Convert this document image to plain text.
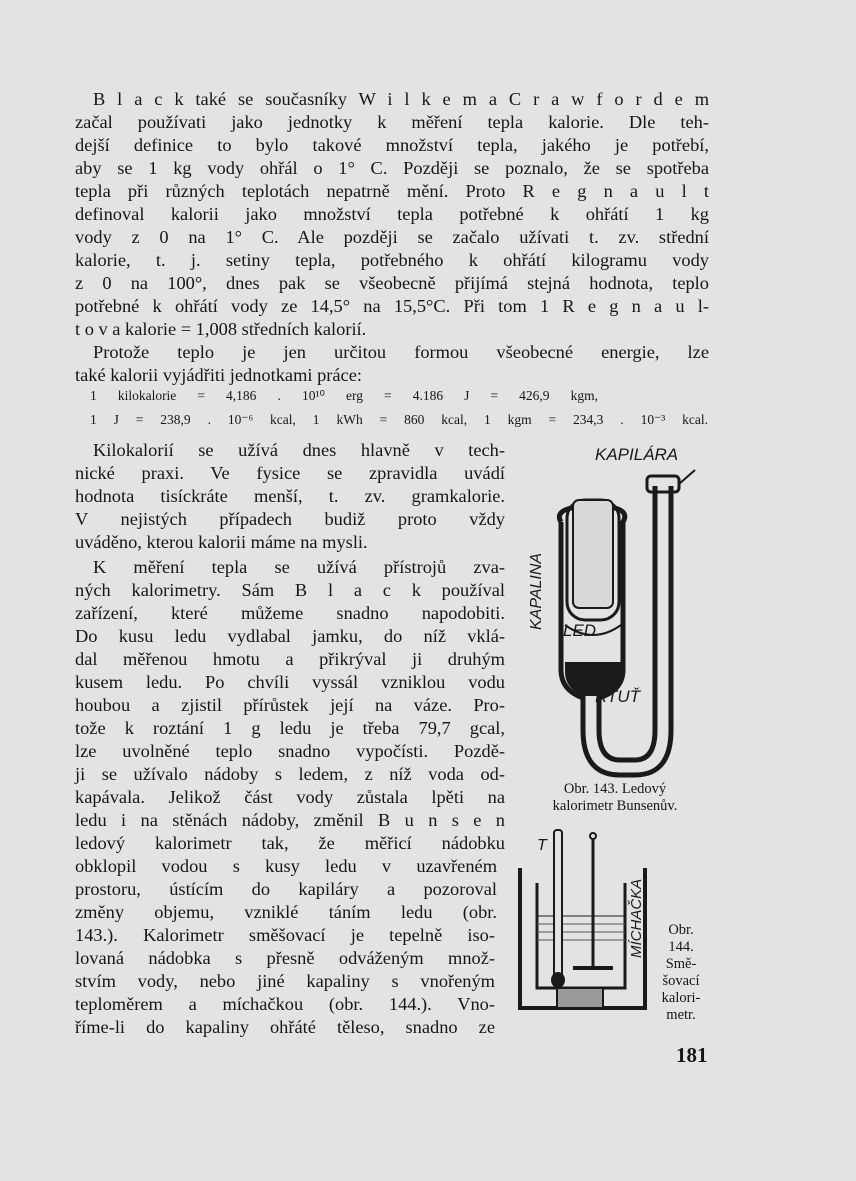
B l a c k také se současníky W i l k e m a C r a w f o r d e m
začal používati jako jednotky k měření tepla kalorie. Dle teh-
dejší definice to bylo takové množství tepla, jakého je potřebí,
aby se 1 kg vody ohřál o 1° C. Později se poznalo, že se spotřeba
tepla při různých teplotách nepatrně mění. Proto R e g n a u l t
definoval kalorii jako množství tepla potřebné k ohřátí 1 kg
vody z 0 na 1° C. Ale později se začalo užívati t. zv. střední
kalorie, t. j. setiny tepla, potřebného k ohřátí kilogramu vody
z 0 na 100°, dnes pak se všeobecně přijímá stejná hodnota, teplo
potřebné k ohřátí vody ze 14,5° na 15,5°C. Při tom 1 R e g n a u l-
t o v a kalorie = 1,008 středních kalorií.
Protože teplo je jen určitou formou všeobecné energie, lze
také kalorii vyjádřiti jednotkami práce:
1 kilokalorie = 4,186 . 10¹⁰ erg = 4.186 J = 426,9 kgm,
1 J = 238,9 . 10⁻⁶ kcal, 1 kWh = 860 kcal, 1 kgm = 234,3 . 10⁻³ kcal.
Kilokalorií se užívá dnes hlavně v tech-
nické praxi. Ve fysice se zpravidla uvádí
hodnota tisíckráte menší, t. zv. gramkalorie.
V nejistých případech budiž proto vždy
uváděno, kterou kalorii máme na mysli.
K měření tepla se užívá přístrojů zva-
ných kalorimetry. Sám B l a c k používal
zařízení, které můžeme snadno napodobiti.
Do kusu ledu vydlabal jamku, do níž vklá-
dal měřenou hmotu a přikrýval ji druhým
kusem ledu. Po chvíli vyssál vzniklou vodu
houbou a zjistil přírůstek její na váze. Pro-
tože k roztání 1 g ledu je třeba 79,7 gcal,
lze uvolněné teplo snadno vypočísti. Pozdě-
ji se užívalo nádoby s ledem, z níž voda od-
kapávala. Jelikož část vody zůstala lpěti na
ledu i na stěnách nádoby, změnil B u n s e n
ledový kalorimetr tak, že měřicí nádobku
obklopil vodou s kusy ledu v uzavřeném
prostoru, ústícím do kapiláry a pozoroval
změny objemu, vzniklé táním ledu (obr.
143.). Kalorimetr směšovací je tepelně iso-
lovaná nádobka s přesně odváženým množ-
stvím vody, nebo jiné kapaliny s vnořeným
teploměrem a míchačkou (obr. 144.). Vno-
říme-li do kapaliny ohřáté těleso, snadno ze
KAPILÁRA
LED
RTUŤ
KAPALINA
Obr. 143. Ledový
kalorimetr Bunsenův.
T
MÍCHAČKA	Obr.
144.
Smě-
šovací
kalori-
metr.
181
